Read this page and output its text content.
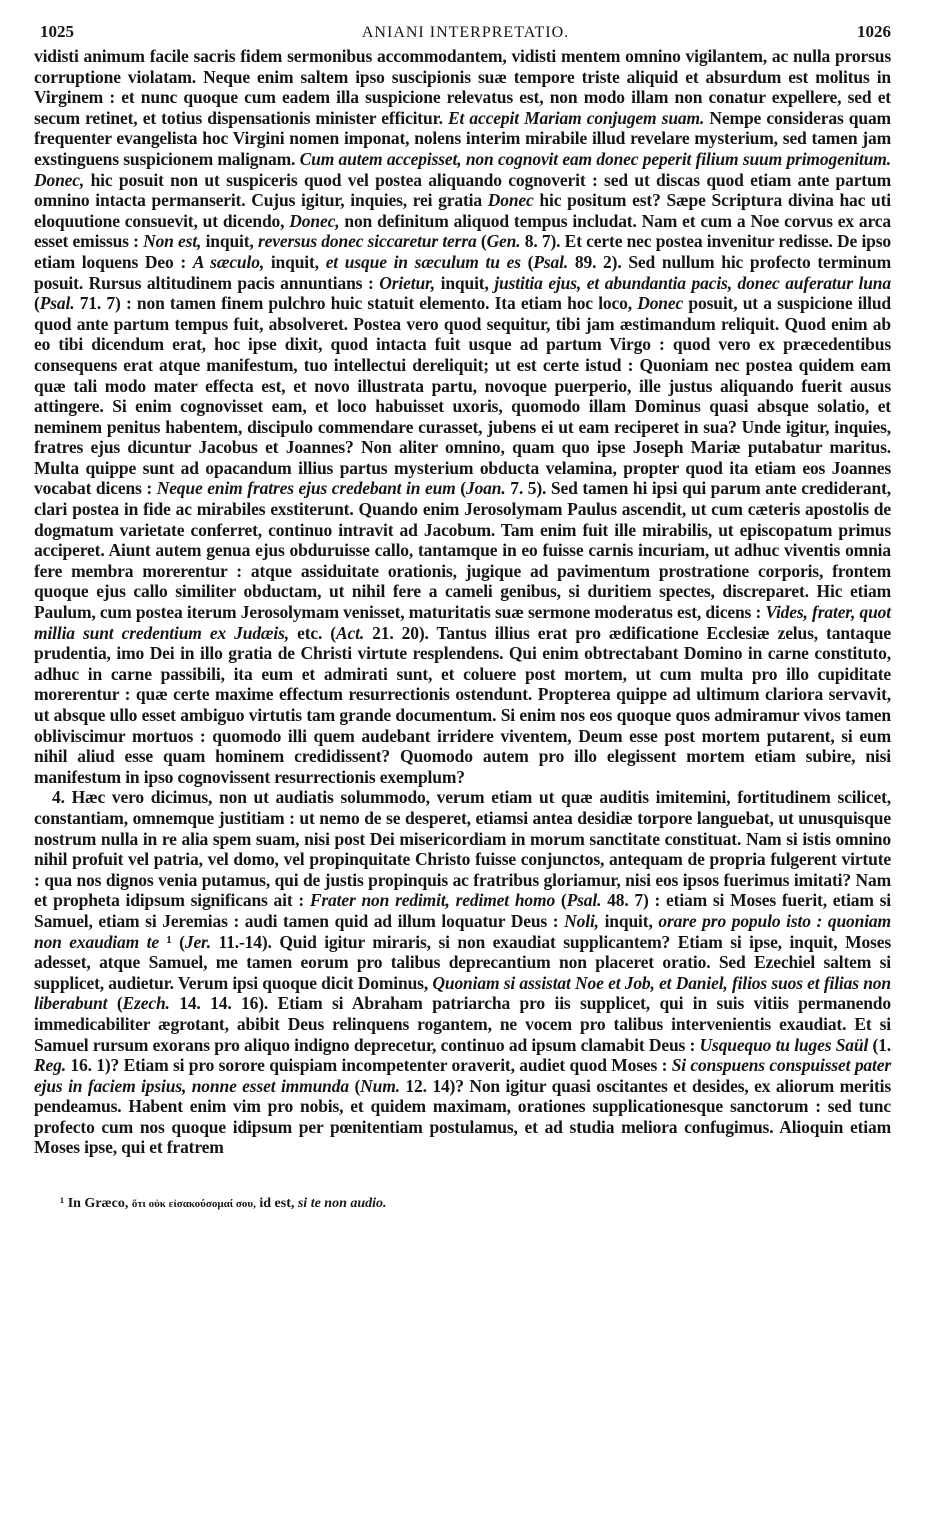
1025	ANIANI INTERPRETATIO.	1026

vidisti animum facile sacris fidem sermonibus accommodantem, vidisti mentem omnino vigilantem, ac nulla prorsus corruptione violatam. Neque enim saltem ipso suscipionis suæ tempore triste aliquid et absurdum est molitus in Virginem : et nunc quoque cum eadem illa suspicione relevatus est, non modo illam non conatur expellere, sed et secum retinet, et totius dispensationis minister efficitur. Et accepit Mariam conjugem suam. Nempe consideras quam frequenter evangelista hoc Virgini nomen imponat, nolens interim mirabile illud revelare mysterium, sed tamen jam exstinguens suspicionem malignam. Cum autem accepisset, non cognovit eam donec peperit filium suum primogenitum. Donec, hic posuit non ut suspiceris quod vel postea aliquando cognoverit : sed ut discas quod etiam ante partum omnino intacta permanserit. Cujus igitur, inquies, rei gratia Donec hic positum est? Sæpe Scriptura divina hac uti eloquutione consuevit, ut dicendo, Donec, non definitum aliquod tempus includat. Nam et cum a Noe corvus ex arca esset emissus : Non est, inquit, reversus donec siccaretur terra (Gen. 8. 7). Et certe nec postea invenitur redisse. De ipso etiam loquens Deo : A sæculo, inquit, et usque in sæculum tu es (Psal. 89. 2). Sed nullum hic profecto terminum posuit. Rursus altitudinem pacis annuntians : Orietur, inquit, justitia ejus, et abundantia pacis, donec auferatur luna (Psal. 71. 7) : non tamen finem pulchro huic statuit elemento. Ita etiam hoc loco, Donec posuit, ut a suspicione illud quod ante partum tempus fuit, absolveret. Postea vero quod sequitur, tibi jam æstimandum reliquit. Quod enim ab eo tibi dicendum erat, hoc ipse dixit, quod intacta fuit usque ad partum Virgo : quod vero ex præcedentibus consequens erat atque manifestum, tuo intellectui dereliquit; ut est certe istud : Quoniam nec postea quidem eam quæ tali modo mater effecta est, et novo illustrata partu, novoque puerperio, ille justus aliquando fuerit ausus attingere. Si enim cognovisset eam, et loco habuisset uxoris, quomodo illam Dominus quasi absque solatio, et neminem penitus habentem, discipulo commendare curasset, jubens ei ut eam reciperet in sua? Unde igitur, inquies, fratres ejus dicuntur Jacobus et Joannes? Non aliter omnino, quam quo ipse Joseph Mariæ putabatur maritus. Multa quippe sunt ad opacandum illius partus mysterium obducta velamina, propter quod ita etiam eos Joannes vocabat dicens : Neque enim fratres ejus credebant in eum (Joan. 7. 5). Sed tamen hi ipsi qui parum ante crediderant, clari postea in fide ac mirabiles exstiterunt. Quando enim Jerosolymam Paulus ascendit, ut cum cæteris apostolis de dogmatum varietate conferret, continuo intravit ad Jacobum. Tam enim fuit ille mirabilis, ut episcopatum primus acciperet. Aiunt autem genua ejus obduruisse callo, tantamque in eo fuisse carnis incuriam, ut adhuc viventis omnia fere membra morerentur : atque assiduitate orationis, jugique ad pavimentum prostratione corporis, frontem quoque ejus callo similiter obductam, ut nihil fere a cameli genibus, si duritiem spectes, discreparet. Hic etiam Paulum, cum postea iterum Jerosolymam venisset, maturitatis suæ sermone moderatus est, dicens : Vides, frater, quot millia sunt credentium ex Judæis, etc. (Act. 21. 20). Tantus illius erat pro ædificatione Ecclesiæ zelus, tantaque prudentia, imo Dei in illo gratia de Christi virtute resplendens. Qui enim obtrectabant Domino in carne constituto, adhuc in carne passibili, ita eum et admirati sunt, et coluere post mortem, ut cum multa pro illo cupiditate morerentur : quæ certe maxime effectum resurrectionis ostendunt. Propterea quippe ad ultimum clariora servavit, ut absque ullo esset ambiguo virtutis tam grande documentum. Si enim nos eos quoque quos admiramur vivos tamen obliviscimur mortuos : quomodo illi quem audebant irridere viventem, Deum esse post mortem putarent, si eum nihil aliud esse quam hominem credidissent? Quomodo autem pro illo elegissent mortem etiam subire, nisi manifestum in ipso cognovissent resurrectionis exemplum?

4. Hæc vero dicimus, non ut audiatis solummodo, verum etiam ut quæ auditis imitemini, fortitudinem scilicet, constantiam, omnemque justitiam : ut nemo de se desperet, etiamsi antea desidiæ torpore languebat, ut unusquisque nostrum nulla in re alia spem suam, nisi post Dei misericordiam in morum sanctitate constituat. Nam si istis omnino nihil profuit vel patria, vel domo, vel propinquitate Christo fuisse conjunctos, antequam de propria fulgerent virtute : qua nos dignos venia putamus, qui de justis propinquis ac fratribus gloriamur, nisi eos ipsos fuerimus imitati? Nam et propheta idipsum significans ait : Frater non redimit, redimet homo (Psal. 48. 7) : etiam si Moses fuerit, etiam si Samuel, etiam si Jeremias : audi tamen quid ad illum loquatur Deus : Noli, inquit, orare pro populo isto : quoniam non exaudiam te ¹ (Jer. 11.-14). Quid igitur miraris, si non exaudiat supplicantem? Etiam si ipse, inquit, Moses adesset, atque Samuel, me tamen eorum pro talibus deprecantium non placeret oratio. Sed Ezechiel saltem si supplicet, audietur. Verum ipsi quoque dicit Dominus, Quoniam si assistat Noe et Job, et Daniel, filios suos et filias non liberabunt (Ezech. 14. 14. 16). Etiam si Abraham patriarcha pro iis supplicet, qui in suis vitiis permanendo immedicabiliter ægrotant, abibit Deus relinquens rogantem, ne vocem pro talibus intervenientis exaudiat. Et si Samuel rursum exorans pro aliquo indigno deprecetur, continuo ad ipsum clamabit Deus : Usquequo tu luges Saül (1. Reg. 16. 1)? Etiam si pro sorore quispiam incompetenter oraverit, audiet quod Moses : Si conspuens conspuisset pater ejus in faciem ipsius, nonne esset immunda (Num. 12. 14)? Non igitur quasi oscitantes et desides, ex aliorum meritis pendeamus. Habent enim vim pro nobis, et quidem maximam, orationes supplicationesque sanctorum : sed tunc profecto cum nos quoque idipsum per pœnitentiam postulamus, et ad studia meliora confugimus. Alioquin etiam Moses ipse, qui et fratrem

¹ In Græco, ὅτι οὐκ εἰσακούσομαί σου, id est, si te non audio.
